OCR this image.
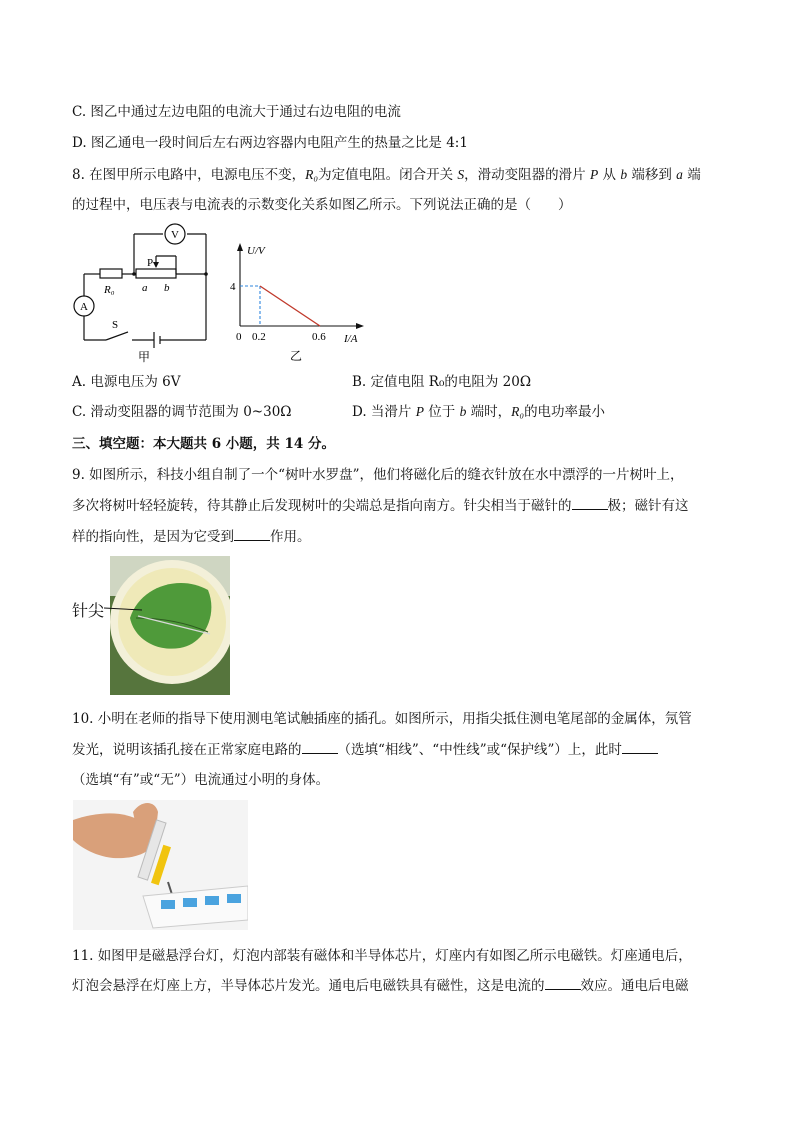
C. 图乙中通过左边电阻的电流大于通过右边电阻的电流
D. 图乙通电一段时间后左右两边容器内电阻产生的热量之比是 4:1
8. 在图甲所示电路中，电源电压不变，R₀为定值电阻。闭合开关 S，滑动变阻器的滑片 P 从 b 端移到 a 端
的过程中，电压表与电流表的示数变化关系如图乙所示。下列说法正确的是（　　）
V
A
P
R₀ a b
S
甲
U/V
I/A
4
0 0.2	0.6
乙
A. 电源电压为 6V	B. 定值电阻 R₀的电阻为 20Ω
C. 滑动变阻器的调节范围为 0~30Ω	D. 当滑片 P 位于 b 端时，R₀的电功率最小
三、填空题：本大题共 6 小题，共 14 分。
9. 如图所示，科技小组自制了一个“树叶水罗盘”，他们将磁化后的缝衣针放在水中漂浮的一片树叶上，
多次将树叶轻轻旋转，待其静止后发现树叶的尖端总是指向南方。针尖相当于磁针的	极；磁针有这
样的指向性，是因为它受到	作用。
针尖
10. 小明在老师的指导下使用测电笔试触插座的插孔。如图所示，用指尖抵住测电笔尾部的金属体，氖管
发光，说明该插孔接在正常家庭电路的	（选填“相线”、“中性线”或“保护线”）上，此时
（选填“有”或“无”）电流通过小明的身体。
11. 如图甲是磁悬浮台灯，灯泡内部装有磁体和半导体芯片，灯座内有如图乙所示电磁铁。灯座通电后，
灯泡会悬浮在灯座上方，半导体芯片发光。通电后电磁铁具有磁性，这是电流的	效应。通电后电磁
